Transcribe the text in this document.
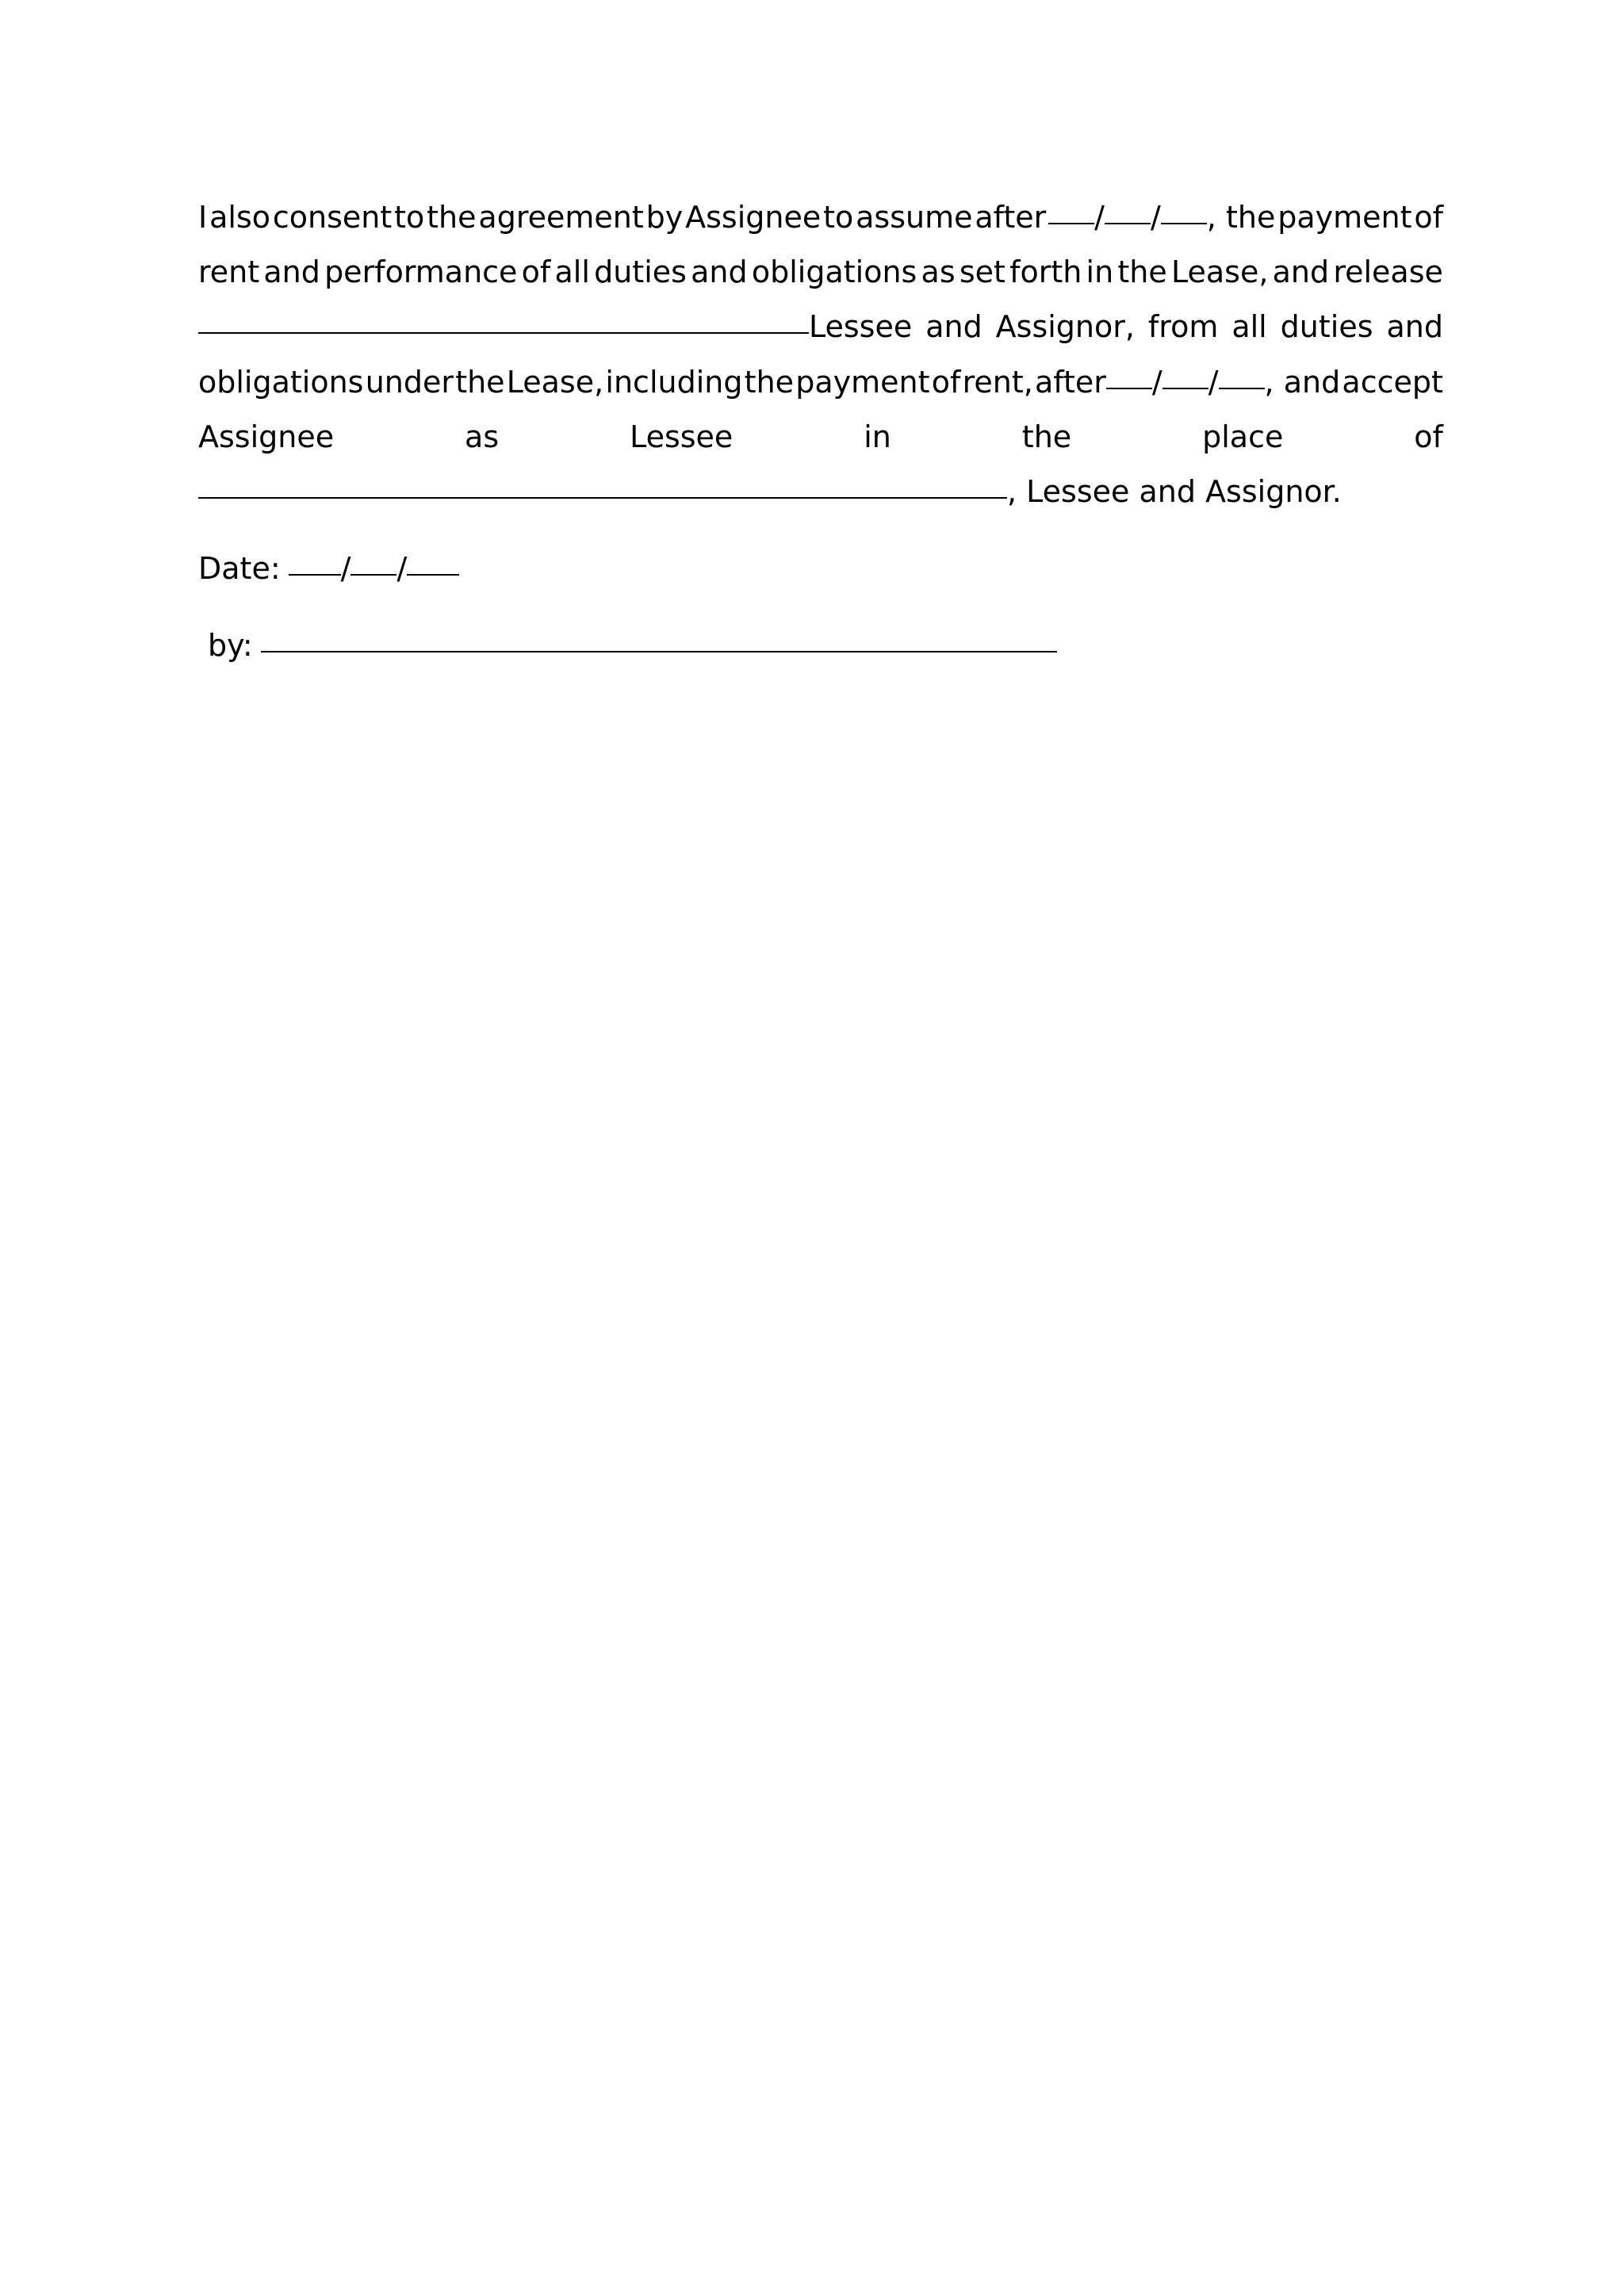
I also consent to the agreement by Assignee to assume after	/ / , the payment of
rent and performance of all duties and obligations as set forth in the Lease, and release
Lessee and Assignor, from all duties and
obligations under the Lease, including the payment of rent, after / / , and accept
Assignee	as	Lessee	in	the	place	of
, Lessee and Assignor.
Date: / /
by:
